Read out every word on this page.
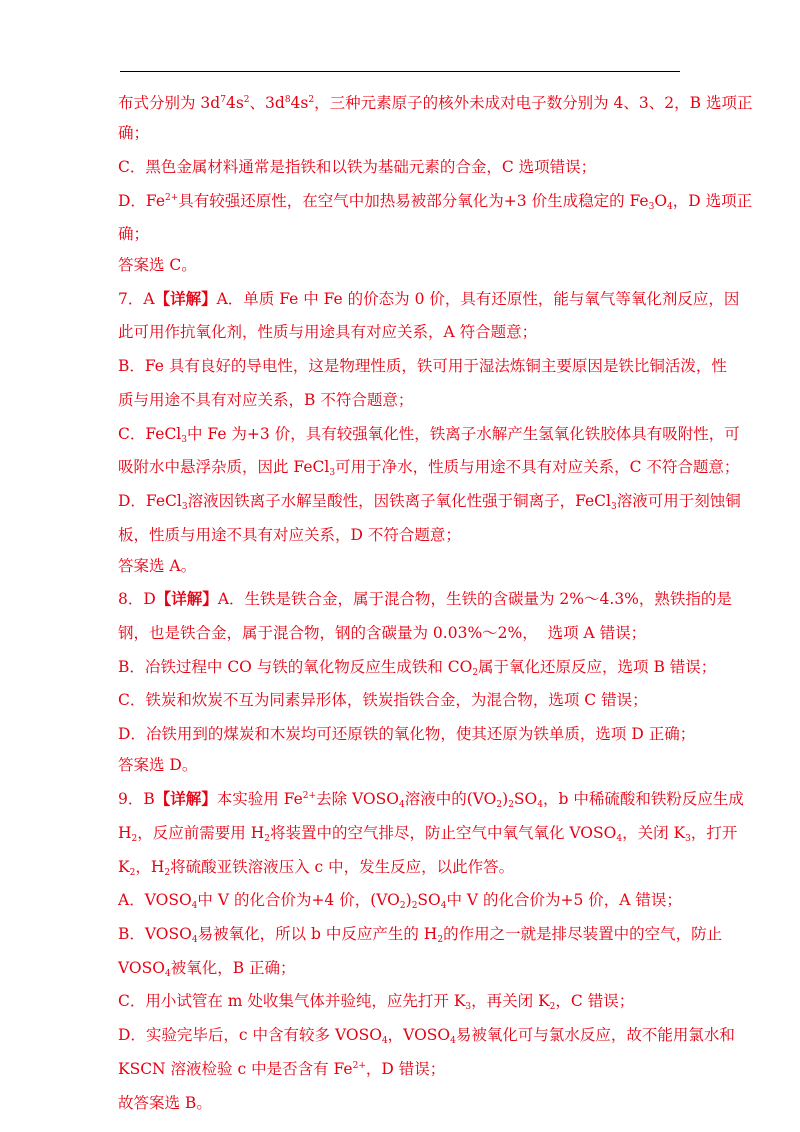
布式分别为 $3d^74s^2$、$3d^84s^2$，三种元素原子的核外未成对电子数分别为 4、3、2，B 选项正
确；
C．黑色金属材料通常是指铁和以铁为基础元素的合金，C 选项错误；
D．$Fe^{2+}$具有较强还原性，在空气中加热易被部分氧化为+3 价生成稳定的 $Fe_3O_4$，D 选项正
确；
答案选 C。
7．A【详解】A．单质 Fe 中 Fe 的价态为 0 价，具有还原性，能与氧气等氧化剂反应，因
此可用作抗氧化剂，性质与用途具有对应关系，A 符合题意；
B．Fe 具有良好的导电性，这是物理性质，铁可用于湿法炼铜主要原因是铁比铜活泼，性
质与用途不具有对应关系，B 不符合题意；
C．FeCl$_3$中 Fe 为+3 价，具有较强氧化性，铁离子水解产生氢氧化铁胶体具有吸附性，可
吸附水中悬浮杂质，因此 FeCl$_3$可用于净水，性质与用途不具有对应关系，C 不符合题意；
D．FeCl$_3$溶液因铁离子水解呈酸性，因铁离子氧化性强于铜离子，FeCl$_3$溶液可用于刻蚀铜
板，性质与用途不具有对应关系，D 不符合题意；
答案选 A。
8．D【详解】A．生铁是铁合金，属于混合物，生铁的含碳量为 2%～4.3%，熟铁指的是
钢，也是铁合金，属于混合物，钢的含碳量为 0.03%～2%，  选项 A 错误；
B．冶铁过程中 CO 与铁的氧化物反应生成铁和 $CO_2$属于氧化还原反应，选项 B 错误；
C．铁炭和炊炭不互为同素异形体，铁炭指铁合金，为混合物，选项 C 错误；
D．冶铁用到的煤炭和木炭均可还原铁的氧化物，使其还原为铁单质，选项 D 正确；
答案选 D。
9．B【详解】本实验用 $Fe^{2+}$去除 $VOSO_4$溶液中的$(VO_2)_2SO_4$，b 中稀硫酸和铁粉反应生成
$H_2$，反应前需要用 $H_2$将装置中的空气排尽，防止空气中氧气氧化 $VOSO_4$，关闭 $K_3$，打开
$K_2$，$H_2$将硫酸亚铁溶液压入 c 中，发生反应，以此作答。
A．$VOSO_4$中 V 的化合价为+4 价，$(VO_2)_2SO_4$中 V 的化合价为+5 价，A 错误；
B．$VOSO_4$易被氧化，所以 b 中反应产生的 $H_2$的作用之一就是排尽装置中的空气，防止
$VOSO_4$被氧化，B 正确；
C．用小试管在 m 处收集气体并验纯，应先打开 $K_3$，再关闭 $K_2$，C 错误；
D．实验完毕后，c 中含有较多 $VOSO_4$，$VOSO_4$易被氧化可与氯水反应，故不能用氯水和
KSCN 溶液检验 c 中是否含有 $Fe^{2+}$，D 错误；
故答案选 B。
